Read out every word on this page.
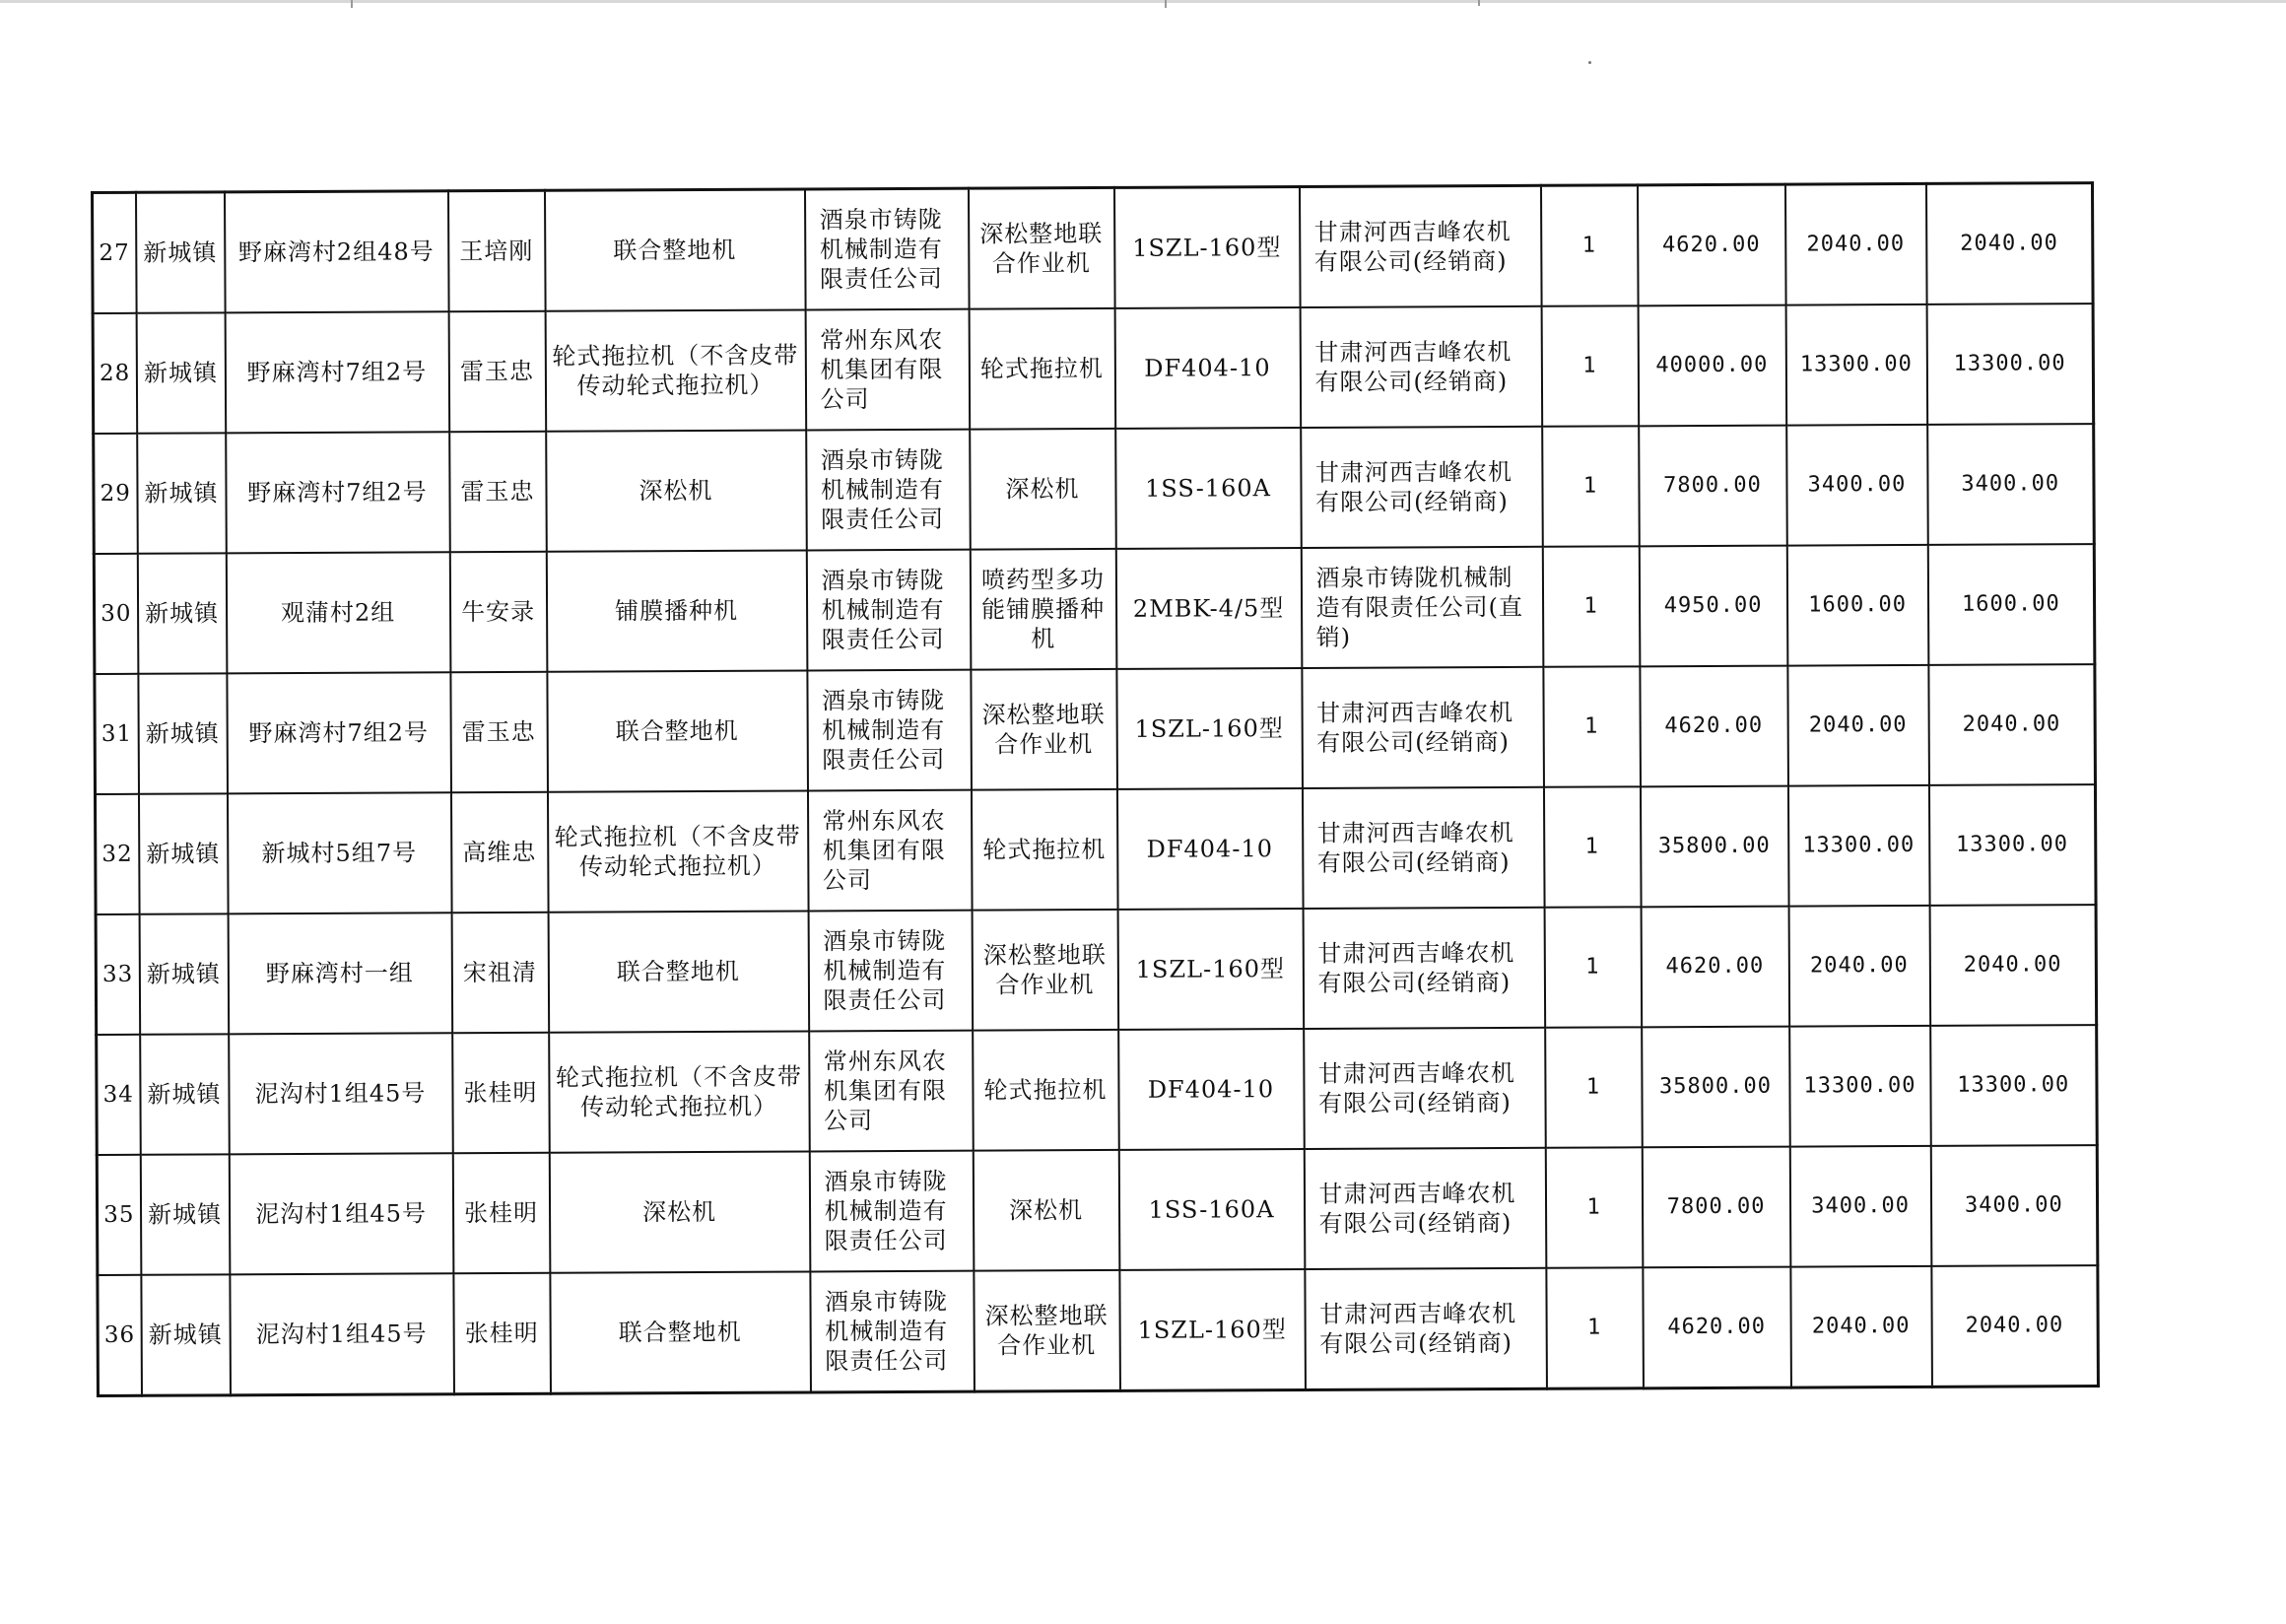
27	新城镇	野麻湾村2组48号	王培刚	联合整地机	酒泉市铸陇机械制造有限责任公司	深松整地联合作业机	1SZL-160型	甘肃河西吉峰农机有限公司(经销商)	1	4620.00	2040.00	2040.00
28	新城镇	野麻湾村7组2号	雷玉忠	轮式拖拉机（不含皮带传动轮式拖拉机）	常州东风农机集团有限公司	轮式拖拉机	DF404-10	甘肃河西吉峰农机有限公司(经销商)	1	40000.00	13300.00	13300.00
29	新城镇	野麻湾村7组2号	雷玉忠	深松机	酒泉市铸陇机械制造有限责任公司	深松机	1SS-160A	甘肃河西吉峰农机有限公司(经销商)	1	7800.00	3400.00	3400.00
30	新城镇	观蒲村2组	牛安录	铺膜播种机	酒泉市铸陇机械制造有限责任公司	喷药型多功能铺膜播种机	2MBK-4/5型	酒泉市铸陇机械制造有限责任公司(直销)	1	4950.00	1600.00	1600.00
31	新城镇	野麻湾村7组2号	雷玉忠	联合整地机	酒泉市铸陇机械制造有限责任公司	深松整地联合作业机	1SZL-160型	甘肃河西吉峰农机有限公司(经销商)	1	4620.00	2040.00	2040.00
32	新城镇	新城村5组7号	高维忠	轮式拖拉机（不含皮带传动轮式拖拉机）	常州东风农机集团有限公司	轮式拖拉机	DF404-10	甘肃河西吉峰农机有限公司(经销商)	1	35800.00	13300.00	13300.00
33	新城镇	野麻湾村一组	宋祖清	联合整地机	酒泉市铸陇机械制造有限责任公司	深松整地联合作业机	1SZL-160型	甘肃河西吉峰农机有限公司(经销商)	1	4620.00	2040.00	2040.00
34	新城镇	泥沟村1组45号	张桂明	轮式拖拉机（不含皮带传动轮式拖拉机）	常州东风农机集团有限公司	轮式拖拉机	DF404-10	甘肃河西吉峰农机有限公司(经销商)	1	35800.00	13300.00	13300.00
35	新城镇	泥沟村1组45号	张桂明	深松机	酒泉市铸陇机械制造有限责任公司	深松机	1SS-160A	甘肃河西吉峰农机有限公司(经销商)	1	7800.00	3400.00	3400.00
36	新城镇	泥沟村1组45号	张桂明	联合整地机	酒泉市铸陇机械制造有限责任公司	深松整地联合作业机	1SZL-160型	甘肃河西吉峰农机有限公司(经销商)	1	4620.00	2040.00	2040.00
